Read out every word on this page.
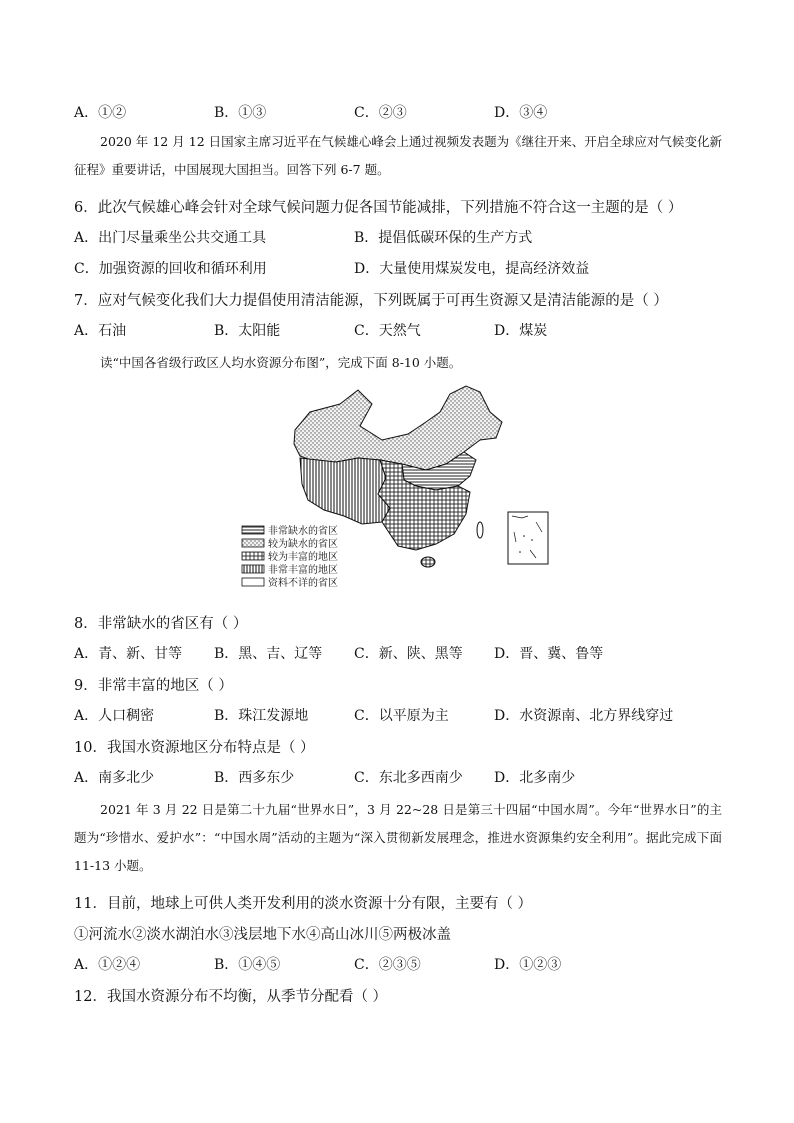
A．①②	B．①③	C．②③	D．③④
2020 年 12 月 12 日国家主席习近平在气候雄心峰会上通过视频发表题为《继往开来、开启全球应对气候变化新征程》重要讲话，中国展现大国担当。回答下列 6-7 题。
6．此次气候雄心峰会针对全球气候问题力促各国节能减排，下列措施不符合这一主题的是（ ）
A．出门尽量乘坐公共交通工具	B．提倡低碳环保的生产方式
C．加强资源的回收和循环利用	D．大量使用煤炭发电，提高经济效益
7．应对气候变化我们大力提倡使用清洁能源，下列既属于可再生资源又是清洁能源的是（ ）
A．石油	B．太阳能	C．天然气	D．煤炭
读“中国各省级行政区人均水资源分布图”，完成下面 8-10 小题。
非常缺水的省区
较为缺水的省区
较为丰富的地区
非常丰富的地区
资料不详的省区
8．非常缺水的省区有（ ）
A．青、新、甘等	B．黑、吉、辽等	C．新、陕、黑等	D．晋、冀、鲁等
9．非常丰富的地区（ ）
A．人口稠密	B．珠江发源地	C．以平原为主	D．水资源南、北方界线穿过
10．我国水资源地区分布特点是（ ）
A．南多北少	B．西多东少	C．东北多西南少	D．北多南少
2021 年 3 月 22 日是第二十九届“世界水日”，3 月 22~28 日是第三十四届“中国水周”。今年“世界水日”的主题为“珍惜水、爱护水”：“中国水周”活动的主题为“深入贯彻新发展理念，推进水资源集约安全利用”。据此完成下面 11-13 小题。
11．目前，地球上可供人类开发利用的淡水资源十分有限，主要有（ ）
①河流水②淡水湖泊水③浅层地下水④高山冰川⑤两极冰盖
A．①②④	B．①④⑤	C．②③⑤	D．①②③
12．我国水资源分布不均衡，从季节分配看（ ）
